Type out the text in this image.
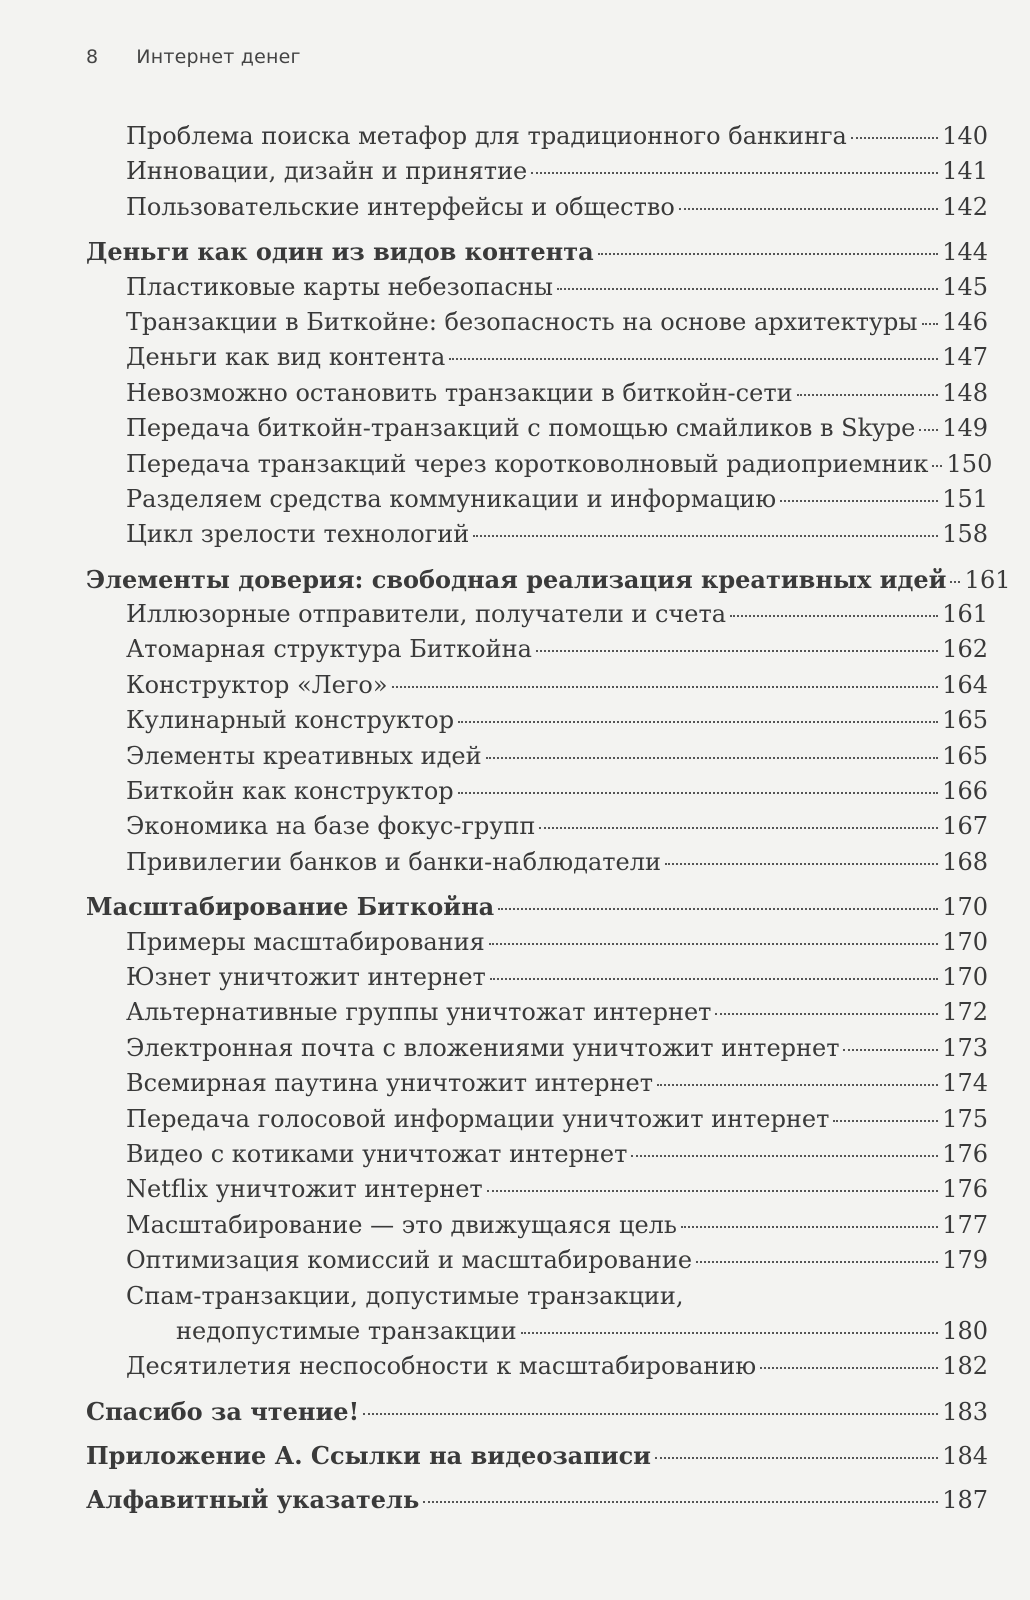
8 Интернет денег
Проблема поиска метафор для традиционного банкинга	140
Инновации, дизайн и принятие	141
Пользовательские интерфейсы и общество	142
Деньги как один из видов контента	144
Пластиковые карты небезопасны	145
Транзакции в Биткойне: безопасность на основе архитектуры 146
Деньги как вид контента	147
Невозможно остановить транзакции в биткойн-сети	148
Передача биткойн-транзакций с помощью смайликов в Skype 149
Передача транзакций через коротковолновый радиоприемник 150
Разделяем средства коммуникации и информацию	151
Цикл зрелости технологий	158
Элементы доверия: свободная реализация креативных идей 161
Иллюзорные отправители, получатели и счета	161
Атомарная структура Биткойна	162
Конструктор «Лего»	164
Кулинарный конструктор	165
Элементы креативных идей	165
Биткойн как конструктор	166
Экономика на базе фокус-групп	167
Привилегии банков и банки-наблюдатели	168
Масштабирование Биткойна	170
Примеры масштабирования	170
Юзнет уничтожит интернет	170
Альтернативные группы уничтожат интернет	172
Электронная почта с вложениями уничтожит интернет	173
Всемирная паутина уничтожит интернет	174
Передача голосовой информации уничтожит интернет	175
Видео с котиками уничтожат интернет	176
Netflix уничтожит интернет	176
Масштабирование — это движущаяся цель	177
Оптимизация комиссий и масштабирование	179
Спам-транзакции, допустимые транзакции,
недопустимые транзакции	180
Десятилетия неспособности к масштабированию	182
Спасибо за чтение!	183
Приложение А. Ссылки на видеозаписи	184
Алфавитный указатель	187
